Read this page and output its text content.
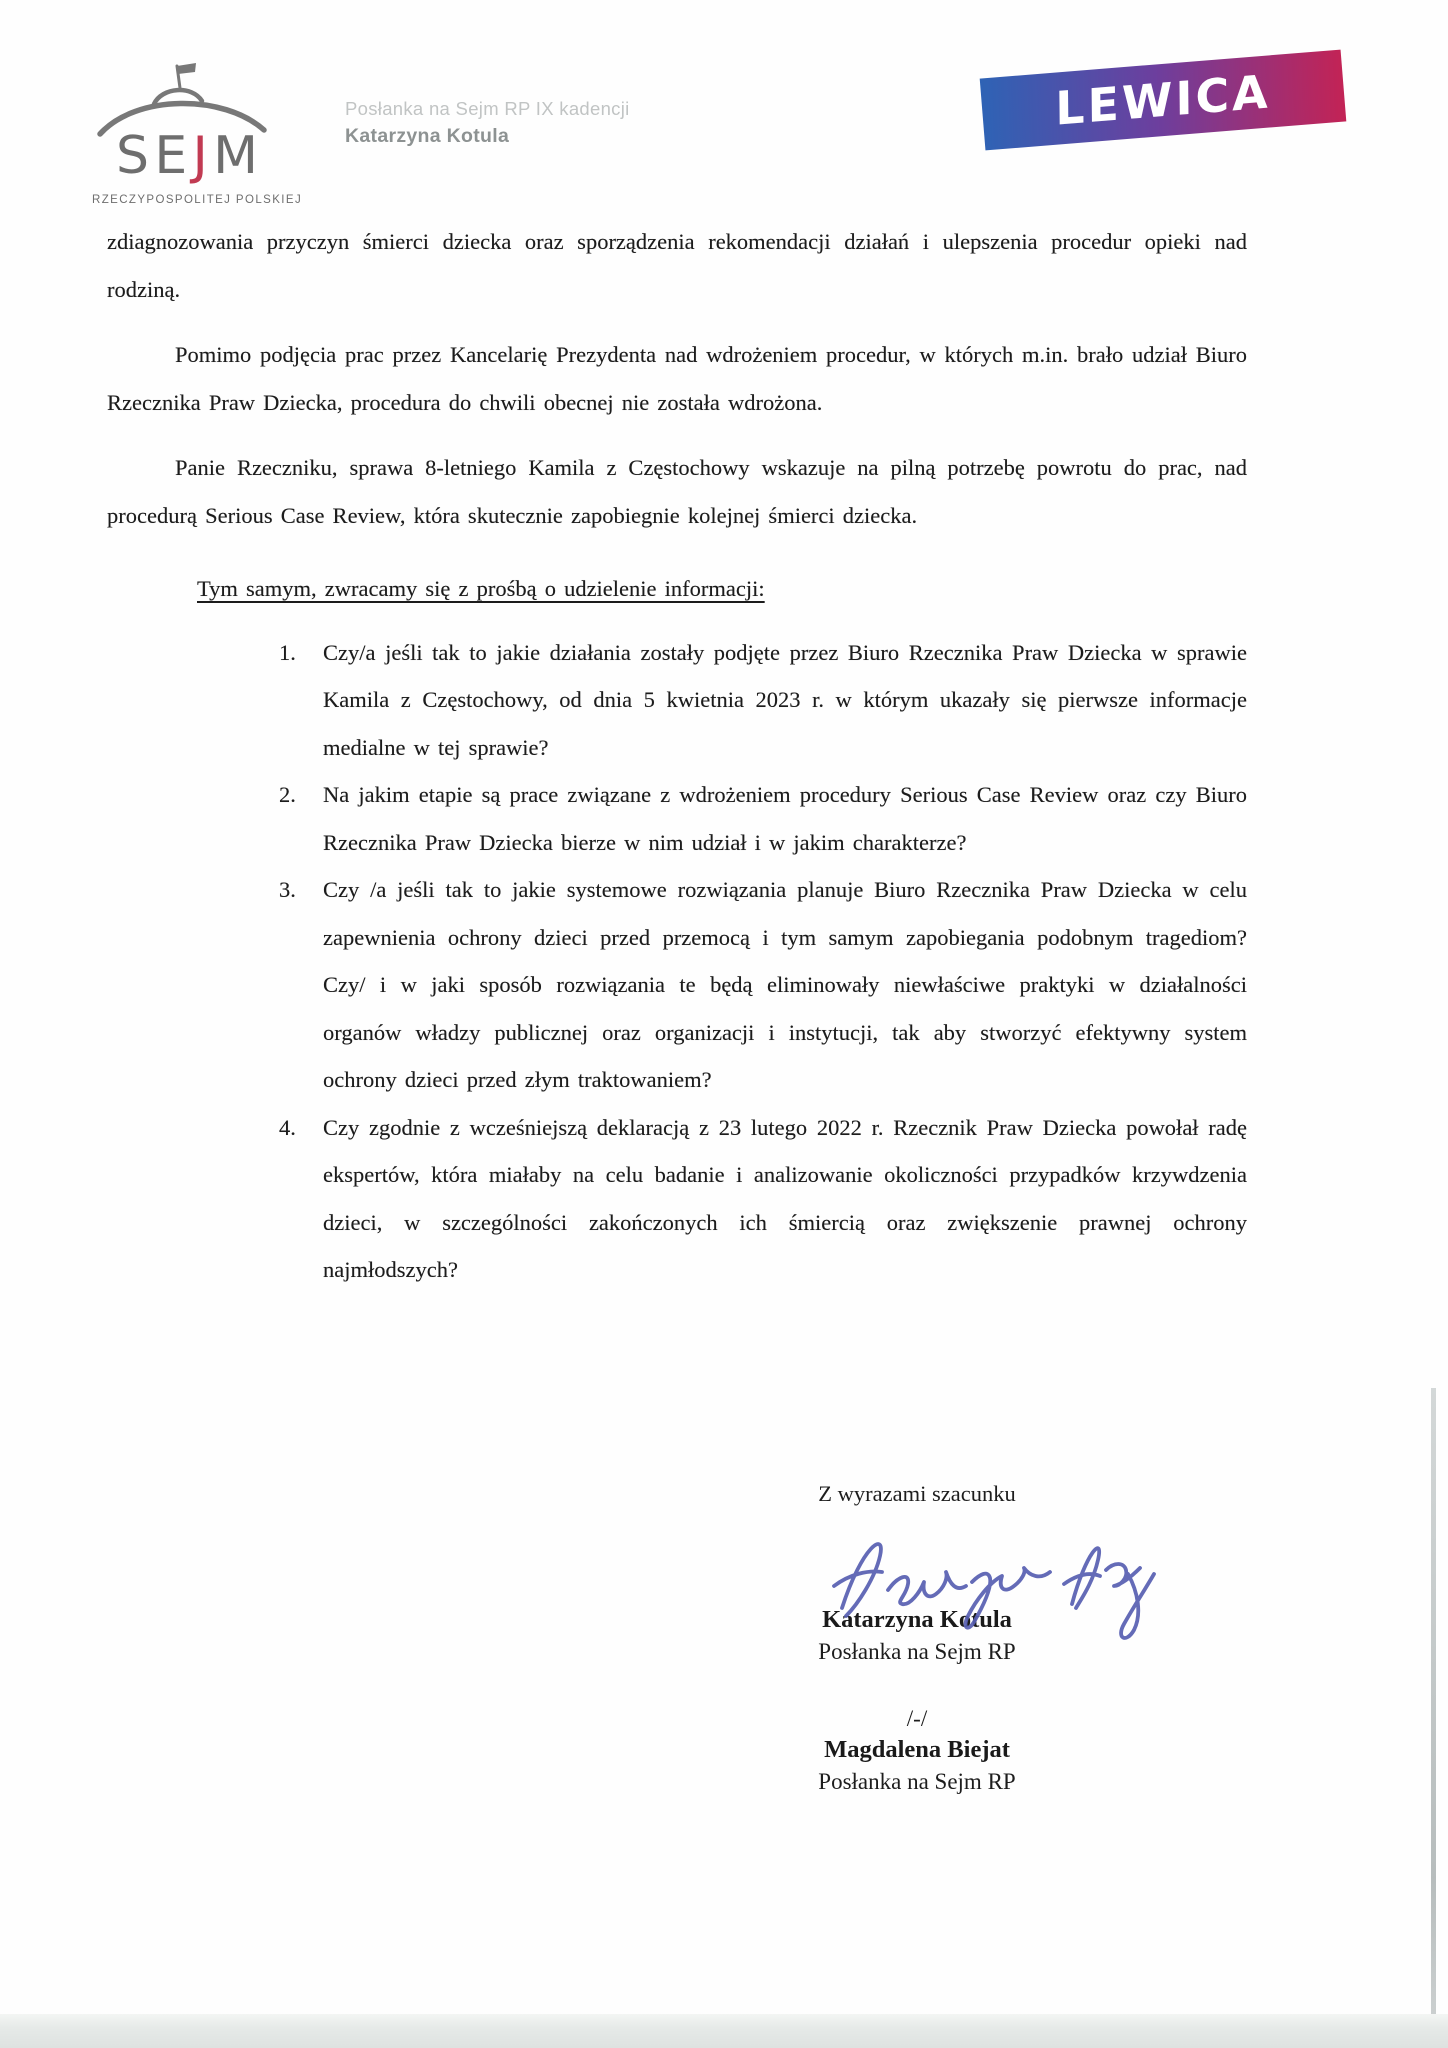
S E J M
RZECZYPOSPOLITEJ POLSKIEJ
Posłanka na Sejm RP IX kadencji
Katarzyna Kotula
LEWICA

zdiagnozowania przyczyn śmierci dziecka oraz sporządzenia rekomendacji działań i ulepszenia procedur opieki nad rodziną.

Pomimo podjęcia prac przez Kancelarię Prezydenta nad wdrożeniem procedur, w których m.in. brało udział Biuro Rzecznika Praw Dziecka, procedura do chwili obecnej nie została wdrożona.

Panie Rzeczniku, sprawa 8-letniego Kamila z Częstochowy wskazuje na pilną potrzebę powrotu do prac, nad procedurą Serious Case Review, która skutecznie zapobiegnie kolejnej śmierci dziecka.

Tym samym, zwracamy się z prośbą o udzielenie informacji:
1. Czy/a jeśli tak to jakie działania zostały podjęte przez Biuro Rzecznika Praw Dziecka w sprawie Kamila z Częstochowy, od dnia 5 kwietnia 2023 r. w którym ukazały się pierwsze informacje medialne w tej sprawie?
2. Na jakim etapie są prace związane z wdrożeniem procedury Serious Case Review oraz czy Biuro Rzecznika Praw Dziecka bierze w nim udział i w jakim charakterze?
3. Czy /a jeśli tak to jakie systemowe rozwiązania planuje Biuro Rzecznika Praw Dziecka w celu zapewnienia ochrony dzieci przed przemocą i tym samym zapobiegania podobnym tragediom? Czy/ i w jaki sposób rozwiązania te będą eliminowały niewłaściwe praktyki w działalności organów władzy publicznej oraz organizacji i instytucji, tak aby stworzyć efektywny system ochrony dzieci przed złym traktowaniem?
4. Czy zgodnie z wcześniejszą deklaracją z 23 lutego 2022 r. Rzecznik Praw Dziecka powołał radę ekspertów, która miałaby na celu badanie i analizowanie okoliczności przypadków krzywdzenia dzieci, w szczególności zakończonych ich śmiercią oraz zwiększenie prawnej ochrony najmłodszych?
Z wyrazami szacunku
Katarzyna Kotula
Posłanka na Sejm RP
/-/
Magdalena Biejat
Posłanka na Sejm RP
